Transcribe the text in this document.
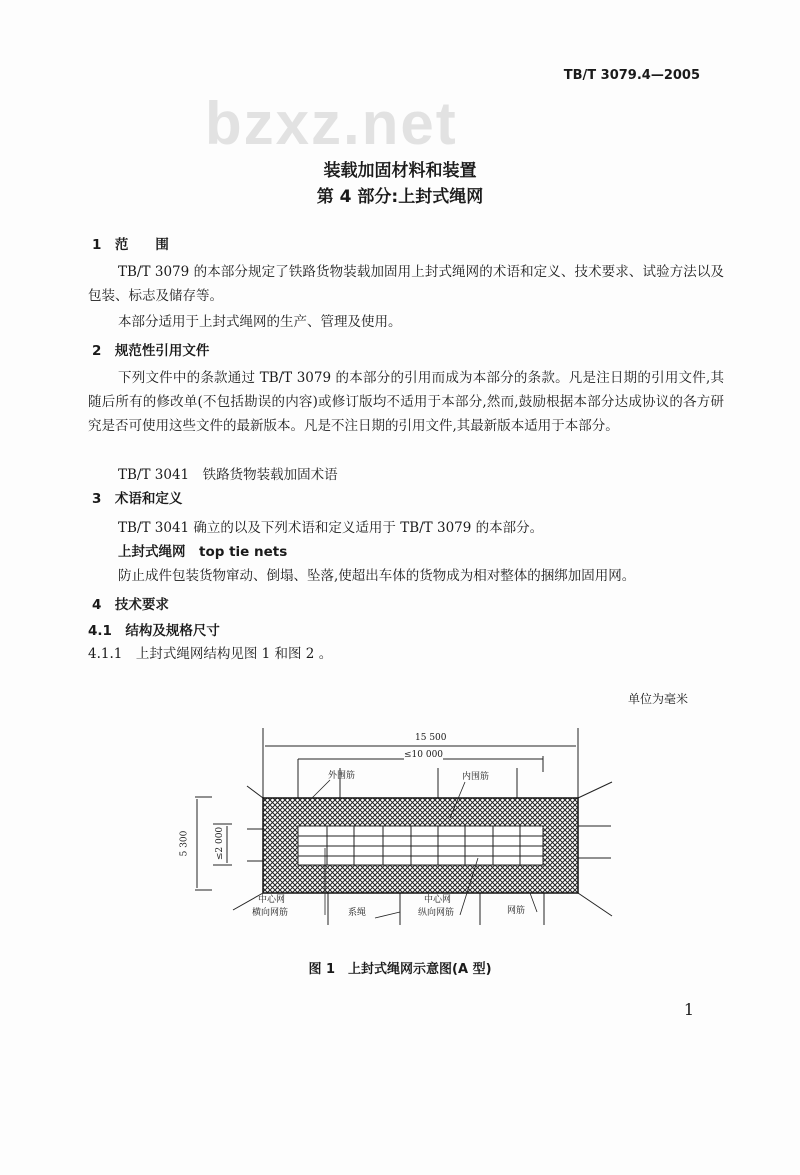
TB/T 3079.4—2005
bzxz.net
装载加固材料和装置
第 4 部分:上封式绳网
1　范　　围
TB/T 3079 的本部分规定了铁路货物装载加固用上封式绳网的术语和定义、技术要求、试验方法以及包装、标志及储存等。
本部分适用于上封式绳网的生产、管理及使用。
2　规范性引用文件
下列文件中的条款通过 TB/T 3079 的本部分的引用而成为本部分的条款。凡是注日期的引用文件,其随后所有的修改单(不包括勘误的内容)或修订版均不适用于本部分,然而,鼓励根据本部分达成协议的各方研究是否可使用这些文件的最新版本。凡是不注日期的引用文件,其最新版本适用于本部分。
TB/T 3041　铁路货物装载加固术语
3　术语和定义
TB/T 3041 确立的以及下列术语和定义适用于 TB/T 3079 的本部分。
上封式绳网　top tie nets
防止成件包装货物窜动、倒塌、坠落,使超出车体的货物成为相对整体的捆绑加固用网。
4　技术要求
4.1　结构及规格尺寸
4.1.1　上封式绳网结构见图 1 和图 2 。
单位为毫米
15 500
≤10 000
5 300	≤2 000
外围筋	内围筋
中心网
横向网筋	系绳
中心网
纵向网筋	网筋
图 1　上封式绳网示意图(A 型)
1
